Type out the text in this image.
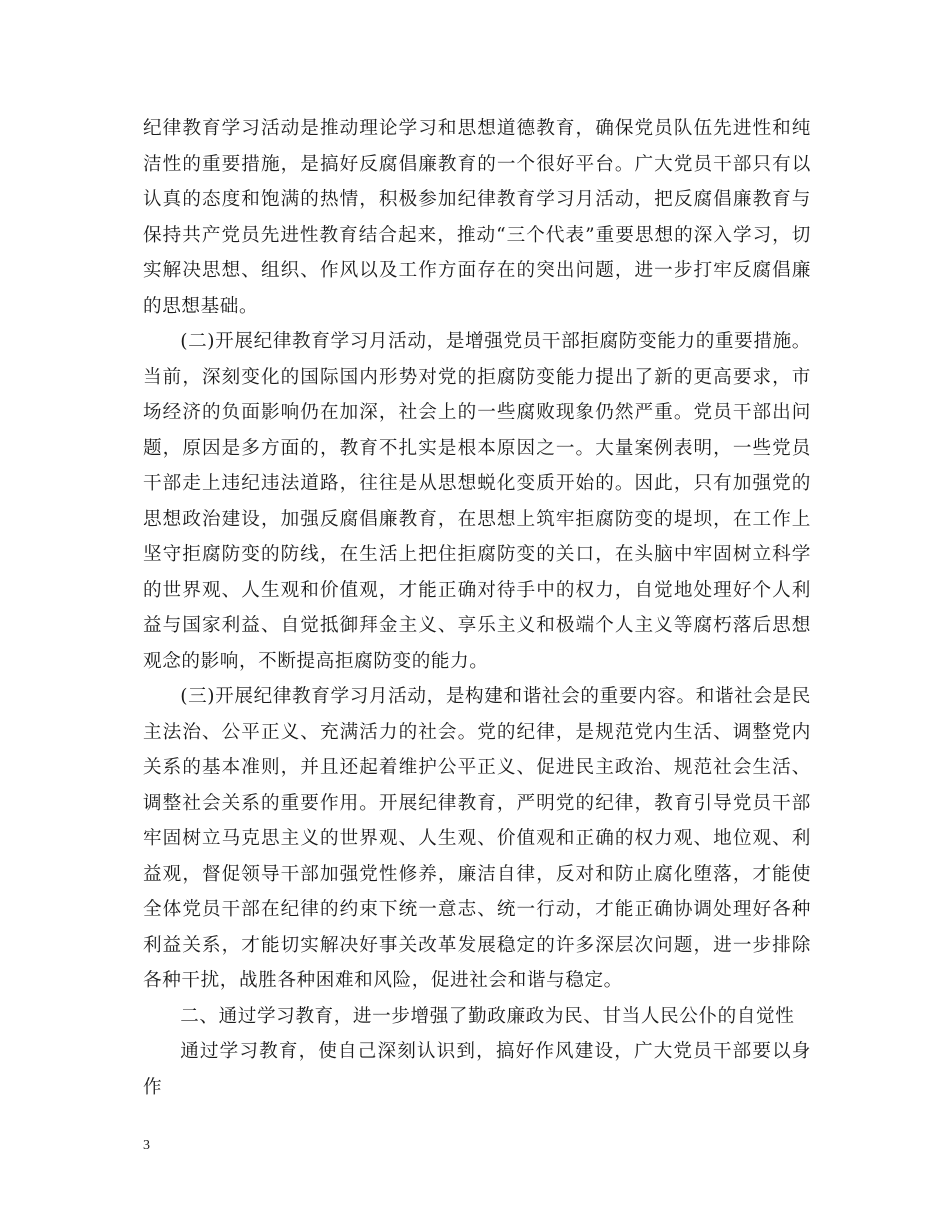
纪律教育学习活动是推动理论学习和思想道德教育，确保党员队伍先进性和纯洁性的重要措施，是搞好反腐倡廉教育的一个很好平台。广大党员干部只有以认真的态度和饱满的热情，积极参加纪律教育学习月活动，把反腐倡廉教育与保持共产党员先进性教育结合起来，推动“三个代表”重要思想的深入学习，切实解决思想、组织、作风以及工作方面存在的突出问题，进一步打牢反腐倡廉的思想基础。

(二)开展纪律教育学习月活动，是增强党员干部拒腐防变能力的重要措施。当前，深刻变化的国际国内形势对党的拒腐防变能力提出了新的更高要求，市场经济的负面影响仍在加深，社会上的一些腐败现象仍然严重。党员干部出问题，原因是多方面的，教育不扎实是根本原因之一。大量案例表明，一些党员干部走上违纪违法道路，往往是从思想蜕化变质开始的。因此，只有加强党的思想政治建设，加强反腐倡廉教育，在思想上筑牢拒腐防变的堤坝，在工作上坚守拒腐防变的防线，在生活上把住拒腐防变的关口，在头脑中牢固树立科学的世界观、人生观和价值观，才能正确对待手中的权力，自觉地处理好个人利益与国家利益、自觉抵御拜金主义、享乐主义和极端个人主义等腐朽落后思想观念的影响，不断提高拒腐防变的能力。

(三)开展纪律教育学习月活动，是构建和谐社会的重要内容。和谐社会是民主法治、公平正义、充满活力的社会。党的纪律，是规范党内生活、调整党内关系的基本准则，并且还起着维护公平正义、促进民主政治、规范社会生活、调整社会关系的重要作用。开展纪律教育，严明党的纪律，教育引导党员干部牢固树立马克思主义的世界观、人生观、价值观和正确的权力观、地位观、利益观，督促领导干部加强党性修养，廉洁自律，反对和防止腐化堕落，才能使全体党员干部在纪律的约束下统一意志、统一行动，才能正确协调处理好各种利益关系，才能切实解决好事关改革发展稳定的许多深层次问题，进一步排除各种干扰，战胜各种困难和风险，促进社会和谐与稳定。

二、通过学习教育，进一步增强了勤政廉政为民、甘当人民公仆的自觉性

通过学习教育，使自己深刻认识到，搞好作风建设，广大党员干部要以身作

3
